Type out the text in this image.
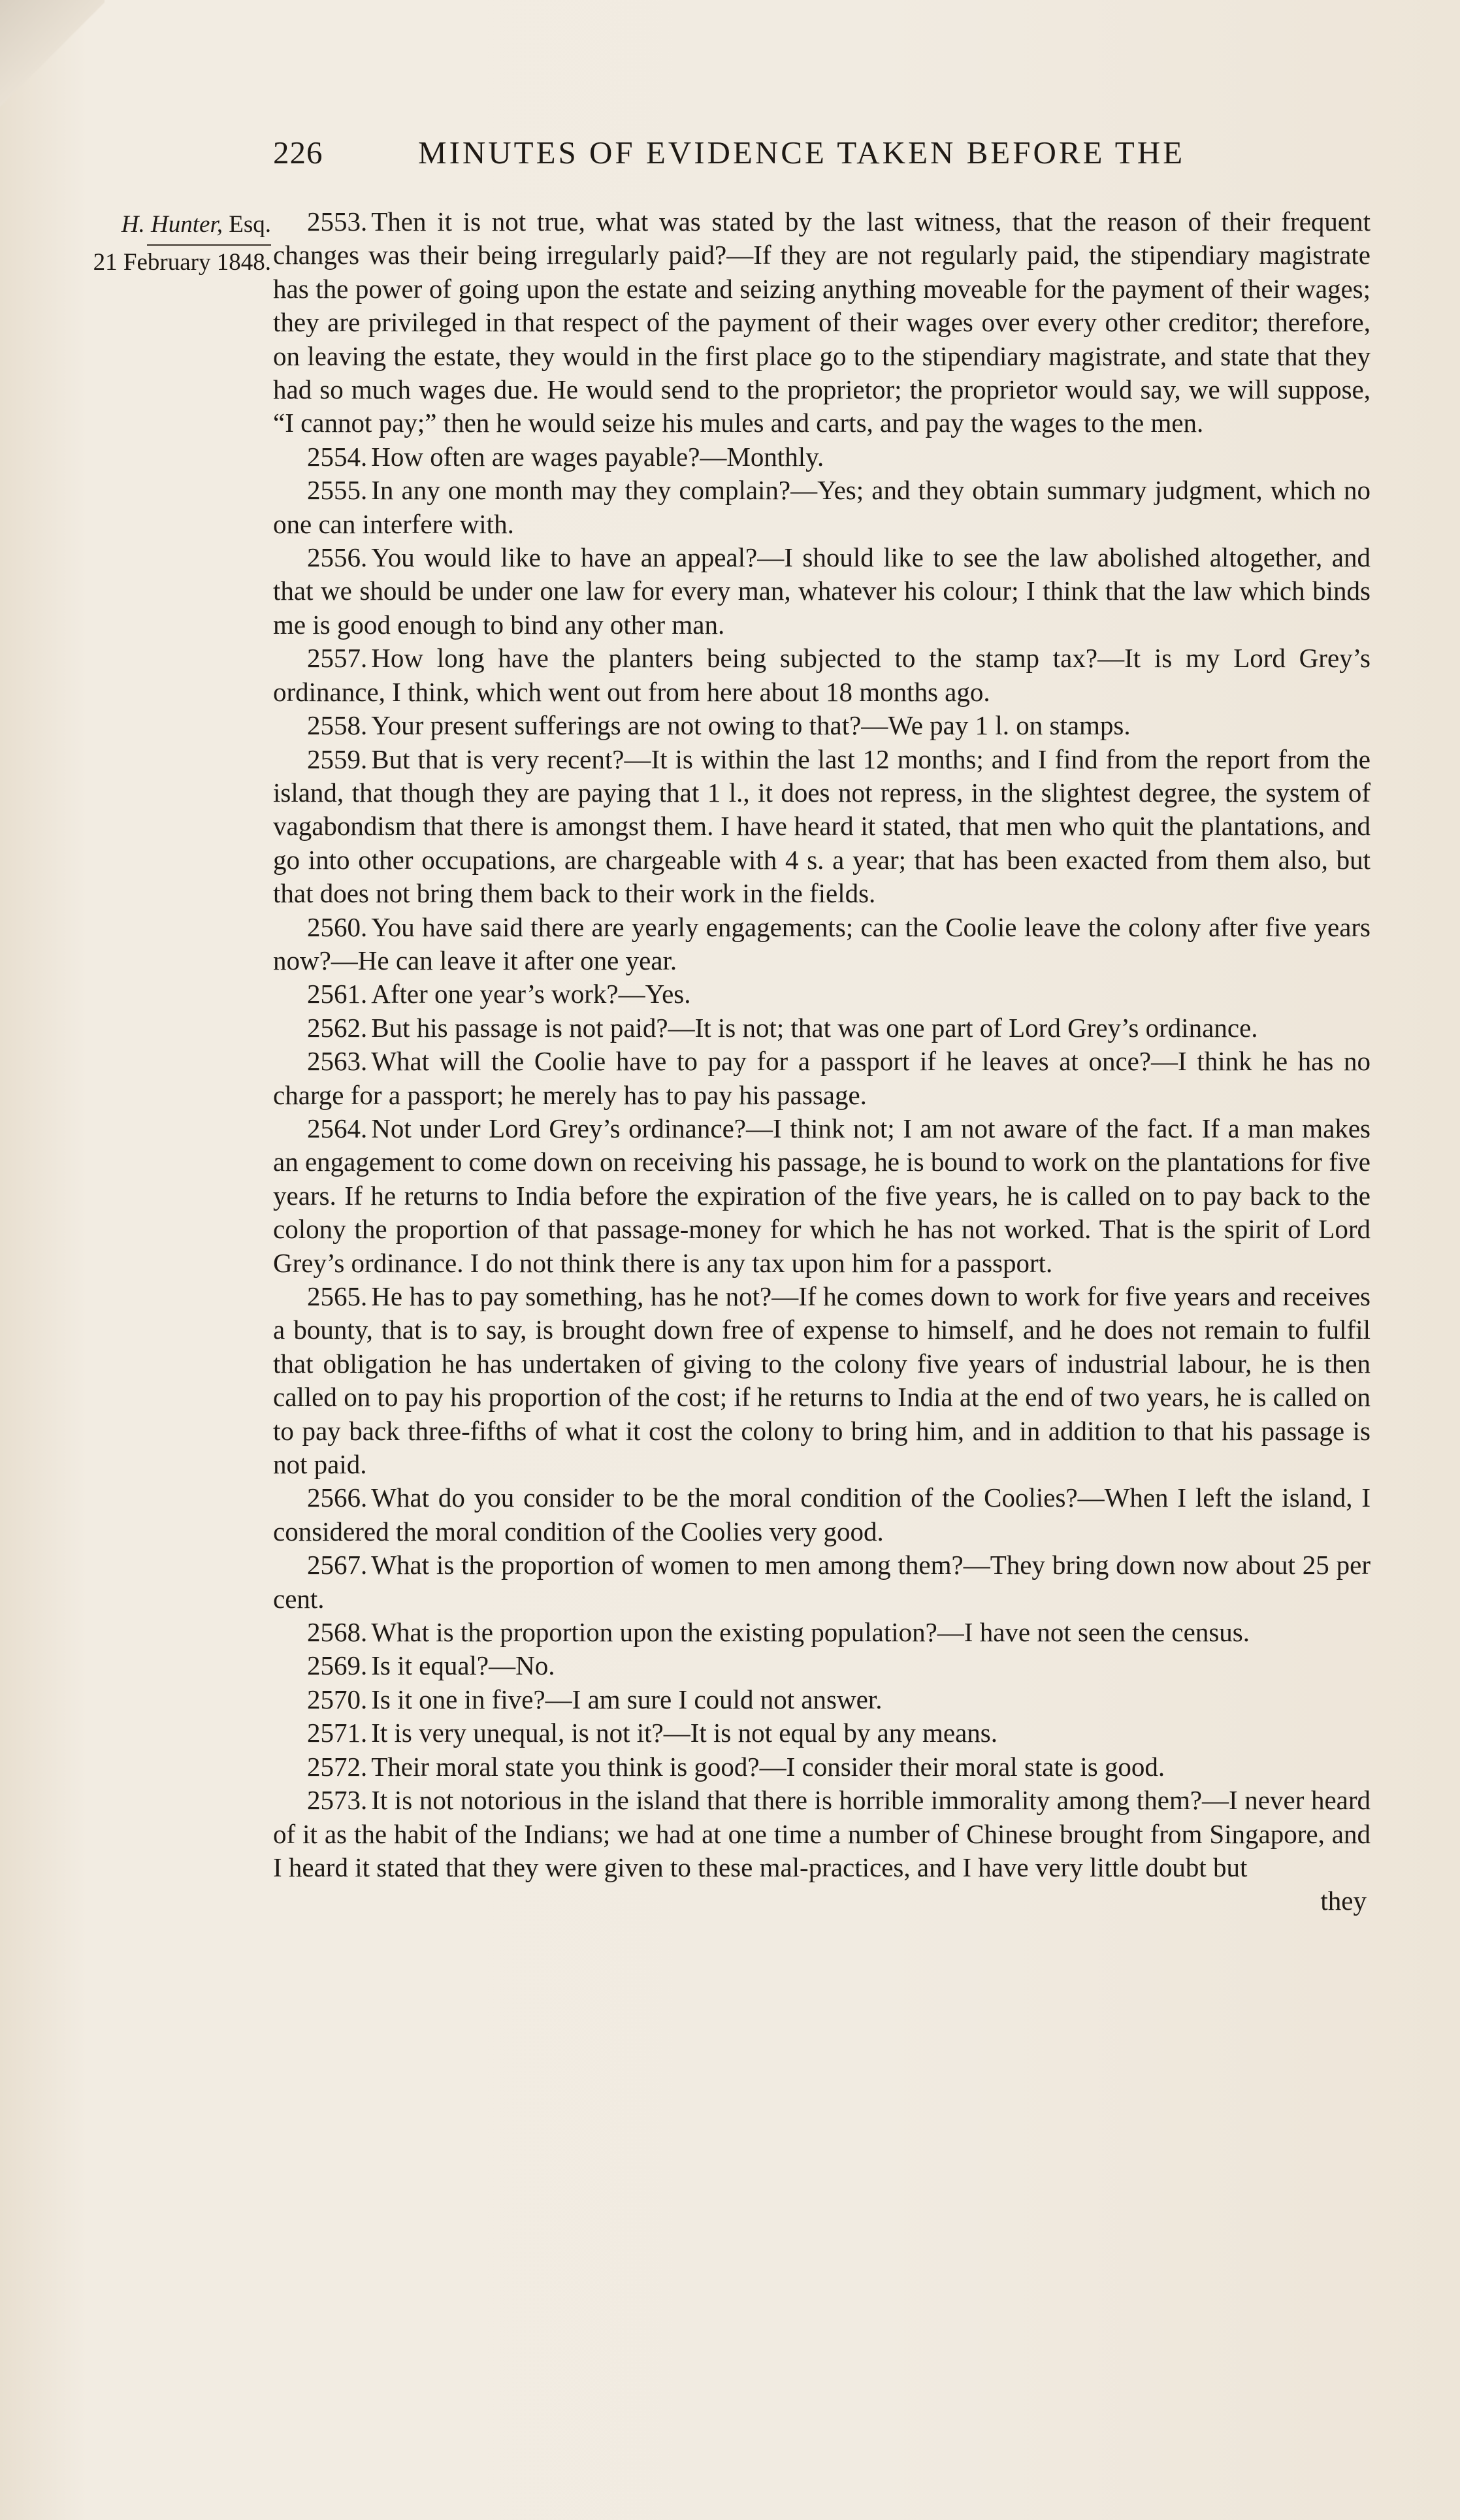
226	MINUTES OF EVIDENCE TAKEN BEFORE THE
H. Hunter, Esq.
21 February 1848.

2553. Then it is not true, what was stated by the last witness, that the reason of their frequent changes was their being irregularly paid?—If they are not regularly paid, the stipendiary magistrate has the power of going upon the estate and seizing anything moveable for the payment of their wages; they are privileged in that respect of the payment of their wages over every other creditor; therefore, on leaving the estate, they would in the first place go to the stipendiary magistrate, and state that they had so much wages due. He would send to the proprietor; the proprietor would say, we will suppose, “I cannot pay;” then he would seize his mules and carts, and pay the wages to the men.

2554. How often are wages payable?—Monthly.

2555. In any one month may they complain?—Yes; and they obtain summary judgment, which no one can interfere with.

2556. You would like to have an appeal?—I should like to see the law abolished altogether, and that we should be under one law for every man, whatever his colour; I think that the law which binds me is good enough to bind any other man.

2557. How long have the planters being subjected to the stamp tax?—It is my Lord Grey’s ordinance, I think, which went out from here about 18 months ago.

2558. Your present sufferings are not owing to that?—We pay 1 l. on stamps.

2559. But that is very recent?—It is within the last 12 months; and I find from the report from the island, that though they are paying that 1 l., it does not repress, in the slightest degree, the system of vagabondism that there is amongst them. I have heard it stated, that men who quit the plantations, and go into other occupations, are chargeable with 4 s. a year; that has been exacted from them also, but that does not bring them back to their work in the fields.

2560. You have said there are yearly engagements; can the Coolie leave the colony after five years now?—He can leave it after one year.

2561. After one year’s work?—Yes.

2562. But his passage is not paid?—It is not; that was one part of Lord Grey’s ordinance.

2563. What will the Coolie have to pay for a passport if he leaves at once?—I think he has no charge for a passport; he merely has to pay his passage.

2564. Not under Lord Grey’s ordinance?—I think not; I am not aware of the fact. If a man makes an engagement to come down on receiving his passage, he is bound to work on the plantations for five years. If he returns to India before the expiration of the five years, he is called on to pay back to the colony the proportion of that passage-money for which he has not worked. That is the spirit of Lord Grey’s ordinance. I do not think there is any tax upon him for a passport.

2565. He has to pay something, has he not?—If he comes down to work for five years and receives a bounty, that is to say, is brought down free of expense to himself, and he does not remain to fulfil that obligation he has undertaken of giving to the colony five years of industrial labour, he is then called on to pay his proportion of the cost; if he returns to India at the end of two years, he is called on to pay back three-fifths of what it cost the colony to bring him, and in addition to that his passage is not paid.

2566. What do you consider to be the moral condition of the Coolies?—When I left the island, I considered the moral condition of the Coolies very good.

2567. What is the proportion of women to men among them?—They bring down now about 25 per cent.

2568. What is the proportion upon the existing population?—I have not seen the census.

2569. Is it equal?—No.

2570. Is it one in five?—I am sure I could not answer.

2571. It is very unequal, is not it?—It is not equal by any means.

2572. Their moral state you think is good?—I consider their moral state is good.

2573. It is not notorious in the island that there is horrible immorality among them?—I never heard of it as the habit of the Indians; we had at one time a number of Chinese brought from Singapore, and I heard it stated that they were given to these mal-practices, and I have very little doubt but

they
